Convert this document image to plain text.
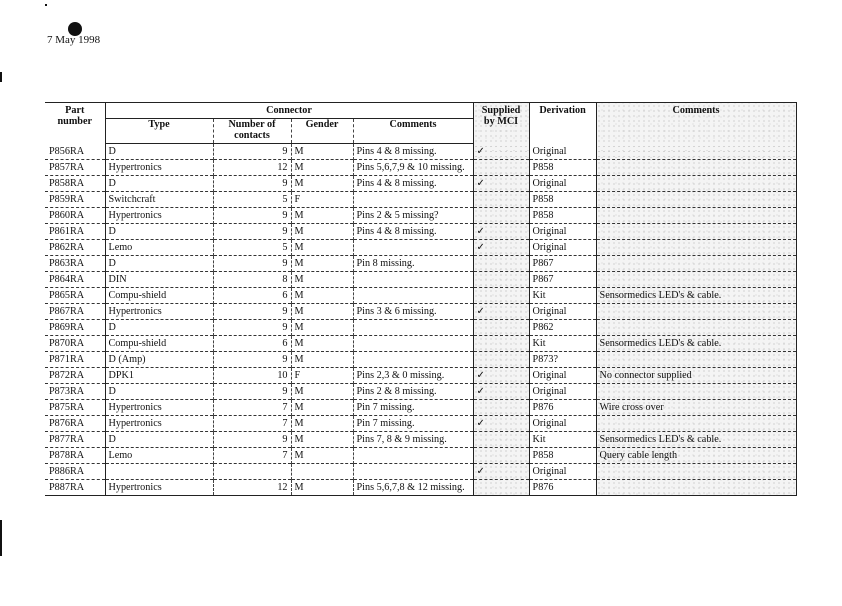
7 May 1998
Part
number	Connector				Supplied by MCI	Derivation	Comments
	Type	Number of contacts	Gender	Comments			
P856RA	D	9	M	Pins 4 & 8 missing.	✓	Original	
P857RA	Hypertronics	12	M	Pins 5,6,7,9 & 10 missing.		P858	
P858RA	D	9	M	Pins 4 & 8 missing.	✓	Original	
P859RA	Switchcraft	5	F			P858	
P860RA	Hypertronics	9	M	Pins 2 & 5 missing?		P858	
P861RA	D	9	M	Pins 4 & 8 missing.	✓	Original	
P862RA	Lemo	5	M		✓	Original	
P863RA	D	9	M	Pin 8 missing.		P867	
P864RA	DIN	8	M			P867	
P865RA	Compu-shield	6	M			Kit	Sensormedics LED's & cable.
P867RA	Hypertronics	9	M	Pins 3 & 6 missing.	✓	Original	
P869RA	D	9	M			P862	
P870RA	Compu-shield	6	M			Kit	Sensormedics LED's & cable.
P871RA	D (Amp)	9	M			P873?	
P872RA	DPK1	10	F	Pins 2,3 & 0 missing.	✓	Original	No connector supplied
P873RA	D	9	M	Pins 2 & 8 missing.	✓	Original	
P875RA	Hypertronics	7	M	Pin 7 missing.		P876	Wire cross over
P876RA	Hypertronics	7	M	Pin 7 missing.	✓	Original	
P877RA	D	9	M	Pins 7, 8 & 9 missing.		Kit	Sensormedics LED's & cable.
P878RA	Lemo	7	M			P858	Query cable length
P886RA					✓	Original	
P887RA	Hypertronics	12	M	Pins 5,6,7,8 & 12 missing.		P876	
